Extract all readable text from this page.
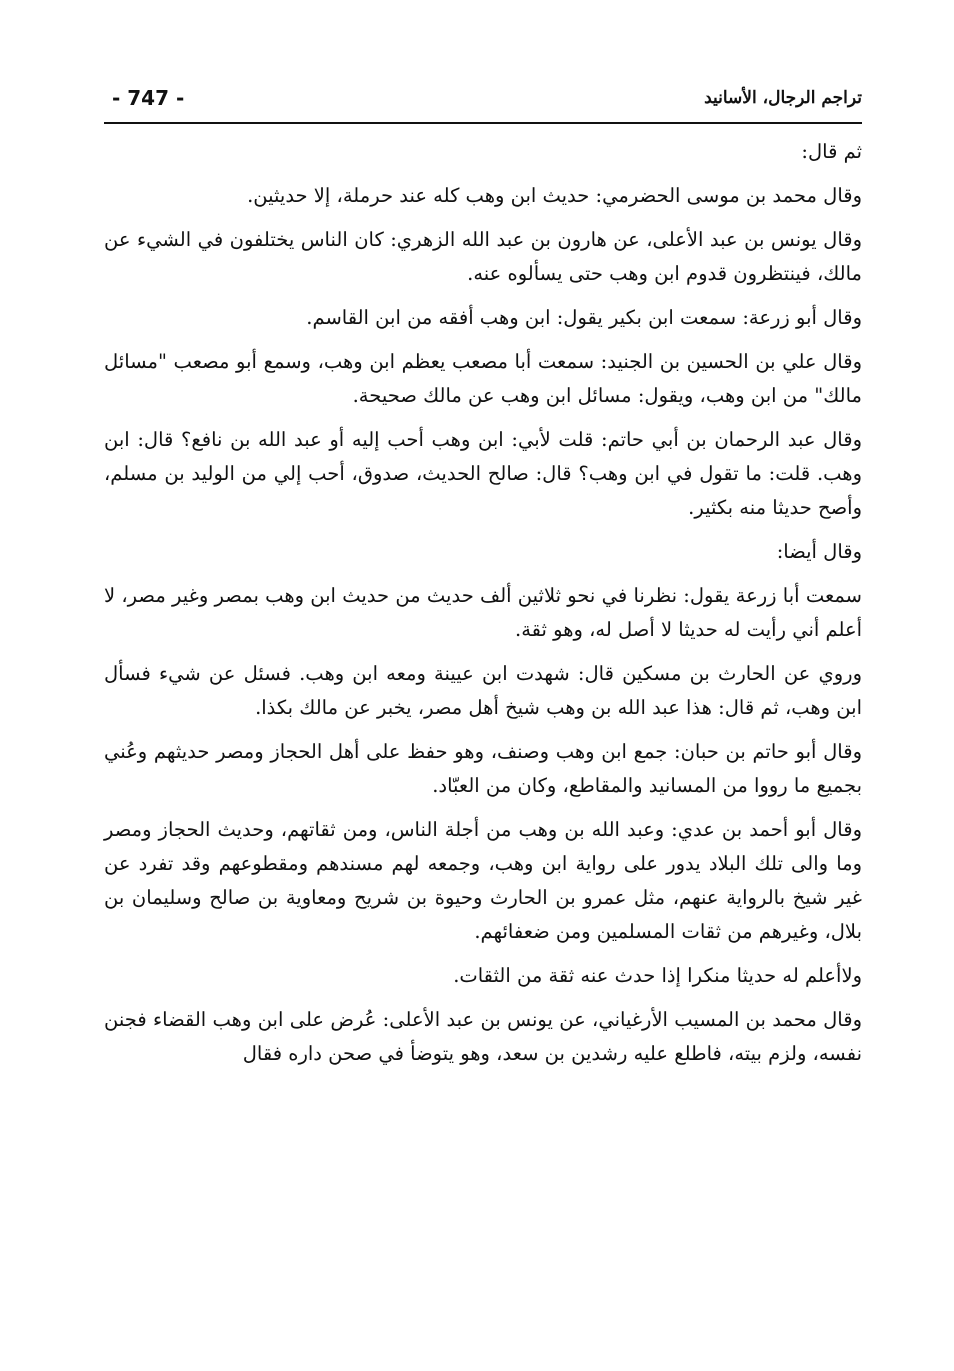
- 747 -	تراجم الرجال، الأسانيد

ثم قال:

وقال محمد بن موسى الحضرمي: حديث ابن وهب كله عند حرملة، إلا حديثين.

وقال يونس بن عبد الأعلى، عن هارون بن عبد الله الزهري: كان الناس يختلفون في الشيء عن مالك، فينتظرون قدوم ابن وهب حتى يسألوه عنه.

وقال أبو زرعة: سمعت ابن بكير يقول: ابن وهب أفقه من ابن القاسم.

وقال علي بن الحسين بن الجنيد: سمعت أبا مصعب يعظم ابن وهب، وسمع أبو مصعب "مسائل مالك" من ابن وهب، ويقول: مسائل ابن وهب عن مالك صحيحة.

وقال عبد الرحمان بن أبي حاتم: قلت لأبي: ابن وهب أحب إليه أو عبد الله بن نافع؟ قال: ابن وهب. قلت: ما تقول في ابن وهب؟ قال: صالح الحديث، صدوق، أحب إلي من الوليد بن مسلم، وأصح حديثا منه بكثير.

وقال أيضا:

سمعت أبا زرعة يقول: نظرنا في نحو ثلاثين ألف حديث من حديث ابن وهب بمصر وغير مصر، لا أعلم أني رأيت له حديثا لا أصل له، وهو ثقة.

وروي عن الحارث بن مسكين قال: شهدت ابن عيينة ومعه ابن وهب. فسئل عن شيء فسأل ابن وهب، ثم قال: هذا عبد الله بن وهب شيخ أهل مصر، يخبر عن مالك بكذا.

وقال أبو حاتم بن حبان: جمع ابن وهب وصنف، وهو حفظ على أهل الحجاز ومصر حديثهم وعُني بجميع ما رووا من المسانيد والمقاطع، وكان من العبّاد.

وقال أبو أحمد بن عدي: وعبد الله بن وهب من أجلة الناس، ومن ثقاتهم، وحديث الحجاز ومصر وما والى تلك البلاد يدور على رواية ابن وهب، وجمعه لهم مسندهم ومقطوعهم وقد تفرد عن غير شيخ بالرواية عنهم، مثل عمرو بن الحارث وحيوة بن شريح ومعاوية بن صالح وسليمان بن بلال، وغيرهم من ثقات المسلمين ومن ضعفائهم.

ولاأعلم له حديثا منكرا إذا حدث عنه ثقة من الثقات.

وقال محمد بن المسيب الأرغياني، عن يونس بن عبد الأعلى: عُرض على ابن وهب القضاء فجنن نفسه، ولزم بيته، فاطلع عليه رشدين بن سعد، وهو يتوضأ في صحن داره فقال
